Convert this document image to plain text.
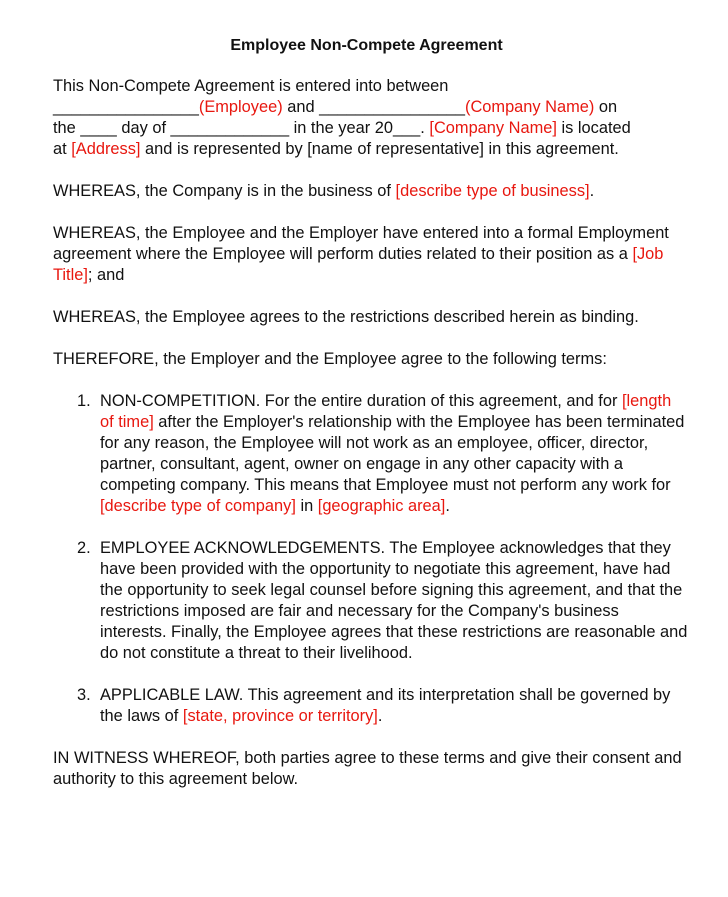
Employee Non-Compete Agreement

This Non-Compete Agreement is entered into between
________________(Employee) and ________________(Company Name) on
the ____ day of _____________ in the year 20___. [Company Name] is located
at [Address] and is represented by [name of representative] in this agreement.

WHEREAS, the Company is in the business of [describe type of business].

WHEREAS, the Employee and the Employer have entered into a formal Employment agreement where the Employee will perform duties related to their position as a [Job Title]; and

WHEREAS, the Employee agrees to the restrictions described herein as binding.

THEREFORE, the Employer and the Employee agree to the following terms:

1. NON-COMPETITION. For the entire duration of this agreement, and for [length of time] after the Employer's relationship with the Employee has been terminated for any reason, the Employee will not work as an employee, officer, director, partner, consultant, agent, owner on engage in any other capacity with a competing company. This means that Employee must not perform any work for [describe type of company] in [geographic area].
2. EMPLOYEE ACKNOWLEDGEMENTS. The Employee acknowledges that they have been provided with the opportunity to negotiate this agreement, have had the opportunity to seek legal counsel before signing this agreement, and that the restrictions imposed are fair and necessary for the Company's business interests. Finally, the Employee agrees that these restrictions are reasonable and do not constitute a threat to their livelihood.
3. APPLICABLE LAW. This agreement and its interpretation shall be governed by the laws of [state, province or territory].

IN WITNESS WHEREOF, both parties agree to these terms and give their consent and authority to this agreement below.
